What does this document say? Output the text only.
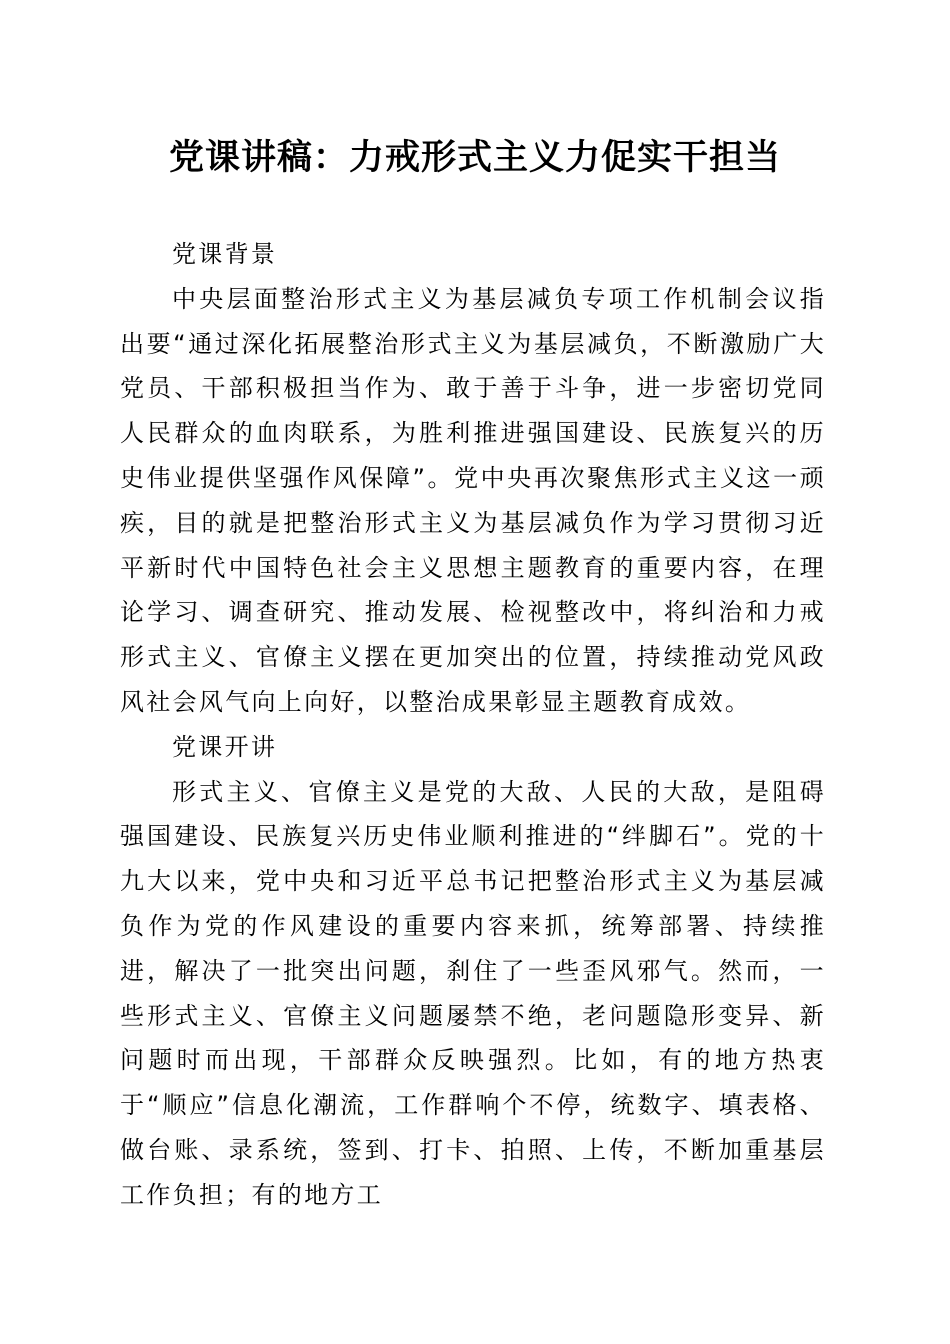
党课讲稿：力戒形式主义力促实干担当

党课背景

中央层面整治形式主义为基层减负专项工作机制会议指出要“通过深化拓展整治形式主义为基层减负，不断激励广大党员、干部积极担当作为、敢于善于斗争，进一步密切党同人民群众的血肉联系，为胜利推进强国建设、民族复兴的历史伟业提供坚强作风保障”。党中央再次聚焦形式主义这一顽疾，目的就是把整治形式主义为基层减负作为学习贯彻习近平新时代中国特色社会主义思想主题教育的重要内容，在理论学习、调查研究、推动发展、检视整改中，将纠治和力戒形式主义、官僚主义摆在更加突出的位置，持续推动党风政风社会风气向上向好，以整治成果彰显主题教育成效。

党课开讲

形式主义、官僚主义是党的大敌、人民的大敌，是阻碍强国建设、民族复兴历史伟业顺利推进的“绊脚石”。党的十九大以来，党中央和习近平总书记把整治形式主义为基层减负作为党的作风建设的重要内容来抓，统筹部署、持续推进，解决了一批突出问题，刹住了一些歪风邪气。然而，一些形式主义、官僚主义问题屡禁不绝，老问题隐形变异、新问题时而出现，干部群众反映强烈。比如，有的地方热衷于“顺应”信息化潮流，工作群响个不停，统数字、填表格、做台账、录系统，签到、打卡、拍照、上传，不断加重基层工作负担；有的地方工
